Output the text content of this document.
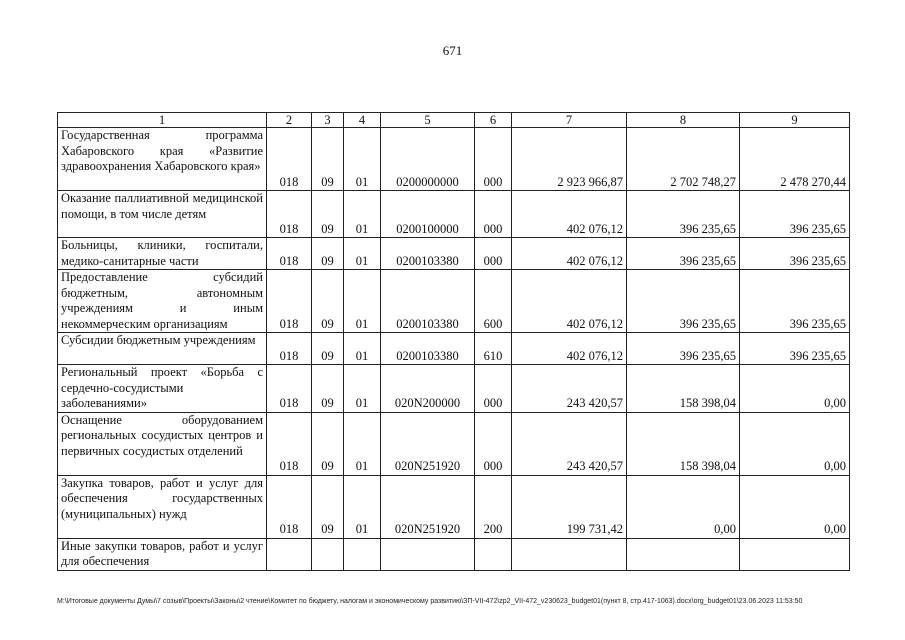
671
1	2	3	4	5	6	7	8	9
Государственная программа Хабаровского края «Развитие здравоохранения Хабаровского края»	018	09	01	0200000000	000	2 923 966,87	2 702 748,27	2 478 270,44
Оказание паллиативной медицинской помощи, в том числе детям	018	09	01	0200100000	000	402 076,12	396 235,65	396 235,65
Больницы, клиники, госпитали, медико-санитарные части	018	09	01	0200103380	000	402 076,12	396 235,65	396 235,65
Предоставление субсидий бюджетным, автономным учреждениям и иным некоммерческим организациям	018	09	01	0200103380	600	402 076,12	396 235,65	396 235,65
Субсидии бюджетным учреждениям	018	09	01	0200103380	610	402 076,12	396 235,65	396 235,65
Региональный проект «Борьба с сердечно-сосудистыми заболеваниями»	018	09	01	020N200000	000	243 420,57	158 398,04	0,00
Оснащение оборудованием региональных сосудистых центров и первичных сосудистых отделений	018	09	01	020N251920	000	243 420,57	158 398,04	0,00
Закупка товаров, работ и услуг для обеспечения государственных (муниципальных) нужд	018	09	01	020N251920	200	199 731,42	0,00	0,00
Иные закупки товаров, работ и услуг для обеспечения								
M:\Итоговые документы Думы\7 созыв\Проекты\Законы\2 чтение\Комитет по бюджету, налогам и экономическому развитию\ЗП-VII-472\zp2_VII-472_v230623_budget01(пункт 8, стр.417-1063).docx\org_budget01\23.06.2023 11:53:50
